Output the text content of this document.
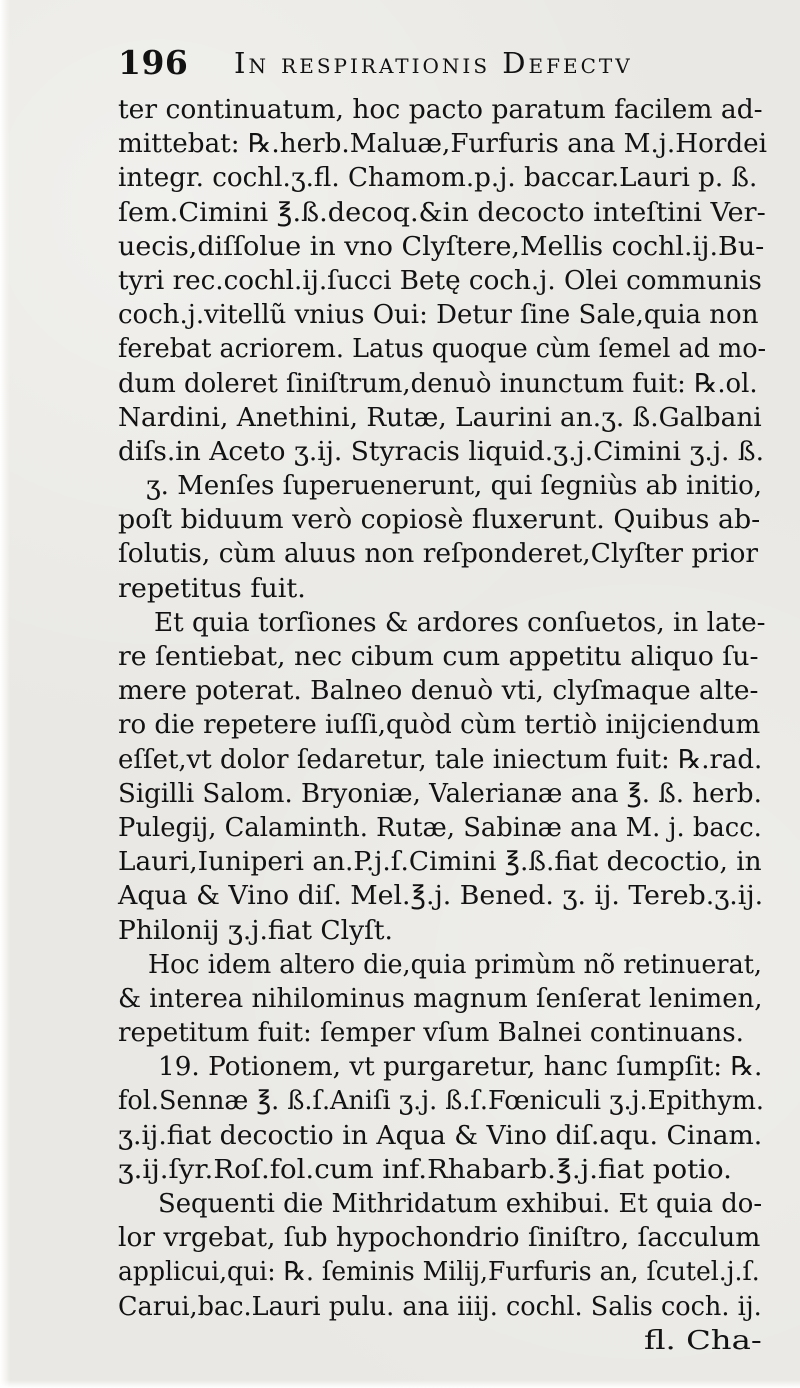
196 In respirationis Defectv
ter continuatum, hoc pacto paratum facilem ad-
mittebat: ℞.herb.Maluæ,Furfuris ana M.j.Hordei
integr. cochl.ʒ.fl. Chamom.p.j. baccar.Lauri p. ß.
ſem.Cimini ℥.ß.decoq.&in decocto inteſtini Ver-
uecis,diſſolue in vno Clyſtere,Mellis cochl.ij.Bu-
tyri rec.cochl.ij.ſucci Betę coch.j. Olei communis
coch.j.vitellũ vnius Oui: Detur ſine Sale,quia non
ferebat acriorem. Latus quoque cùm ſemel ad mo-
dum doleret ſiniſtrum,denuò inunctum fuit: ℞.ol.
Nardini, Anethini, Rutæ, Laurini an.ʒ. ß.Galbani
diſs.in Aceto ʒ.ij. Styracis liquid.ʒ.j.Cimini ʒ.j. ß.
ʒ. Menſes ſuperuenerunt, qui ſegniùs ab initio,
poſt biduum verò copiosè fluxerunt. Quibus ab-
ſolutis, cùm aluus non reſponderet,Clyſter prior
repetitus fuit.
Et quia torſiones & ardores conſuetos, in late-
re ſentiebat, nec cibum cum appetitu aliquo ſu-
mere poterat. Balneo denuò vti, clyſmaque alte-
ro die repetere iuſſi,quòd cùm tertiò inijciendum
eſſet,vt dolor ſedaretur, tale iniectum fuit: ℞.rad.
Sigilli Salom. Bryoniæ, Valerianæ ana ℥. ß. herb.
Pulegij, Calaminth. Rutæ, Sabinæ ana M. j. bacc.
Lauri,Iuniperi an.P.j.ſ.Cimini ℥.ß.fiat decoctio, in
Aqua & Vino diſ. Mel.℥.j. Bened. ʒ. ij. Tereb.ʒ.ij.
Philonij ʒ.j.fiat Clyſt.
Hoc idem altero die,quia primùm nõ retinuerat,
& interea nihilominus magnum ſenſerat lenimen,
repetitum fuit: ſemper vſum Balnei continuans.
19. Potionem, vt purgaretur, hanc ſumpſit: ℞.
fol.Sennæ ℥. ß.ſ.Aniſi ʒ.j. ß.ſ.Fœniculi ʒ.j.Epithym.
ʒ.ij.fiat decoctio in Aqua & Vino diſ.aqu. Cinam.
ʒ.ij.ſyr.Roſ.fol.cum inf.Rhabarb.℥.j.fiat potio.
Sequenti die Mithridatum exhibui. Et quia do-
lor vrgebat, ſub hypochondrio ſiniſtro, ſacculum
applicui,qui: ℞. ſeminis Milij,Furfuris an, ſcutel.j.ſ.
Carui,bac.Lauri pulu. ana iiij. cochl. Salis coch. ij.
fl. Cha-
